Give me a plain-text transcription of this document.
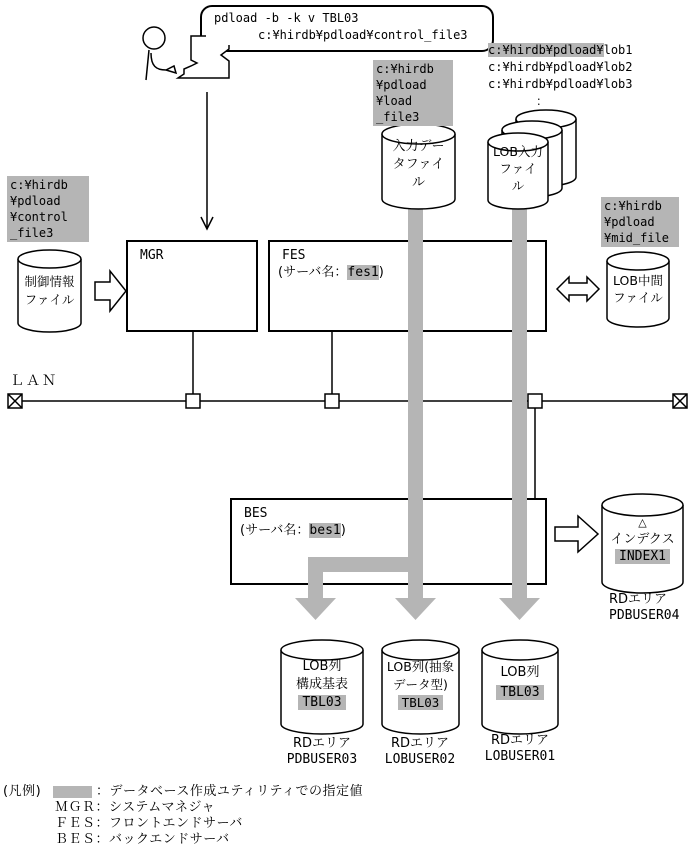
pdload -b -k v TBL03
c:¥hirdb¥pdload¥control_file3
MGR	FES
(サーバ名：fes1)
BES
(サーバ名：bes1)
c:¥hirdb¥pdload¥lob1
c:¥hirdb¥pdload¥lob2
c:¥hirdb¥pdload¥lob3
：
c:¥hirdb
¥pdload
¥control
_file3
c:¥hirdb
¥pdload
¥load
_file3
c:¥hirdb
¥pdload
¥mid_file
ＬＡＮ
制御情報
ファイル
入力デー
タファイ
ル
LOB入力
ファイ
ル
LOB中間
ファイル
△
インデクス
INDEX1
RDエリア
PDBUSER04
LOB列
構成基表
TBL03
RDエリア
PDBUSER03
LOB列(抽象
データ型)
TBL03
RDエリア
LOBUSER02
LOB列
TBL03
RDエリア
LOBUSER01
(凡例)	：データベース作成ユティリティでの指定値
ＭＧＲ：システムマネジャ
ＦＥＳ：フロントエンドサーバ
ＢＥＳ：バックエンドサーバ
